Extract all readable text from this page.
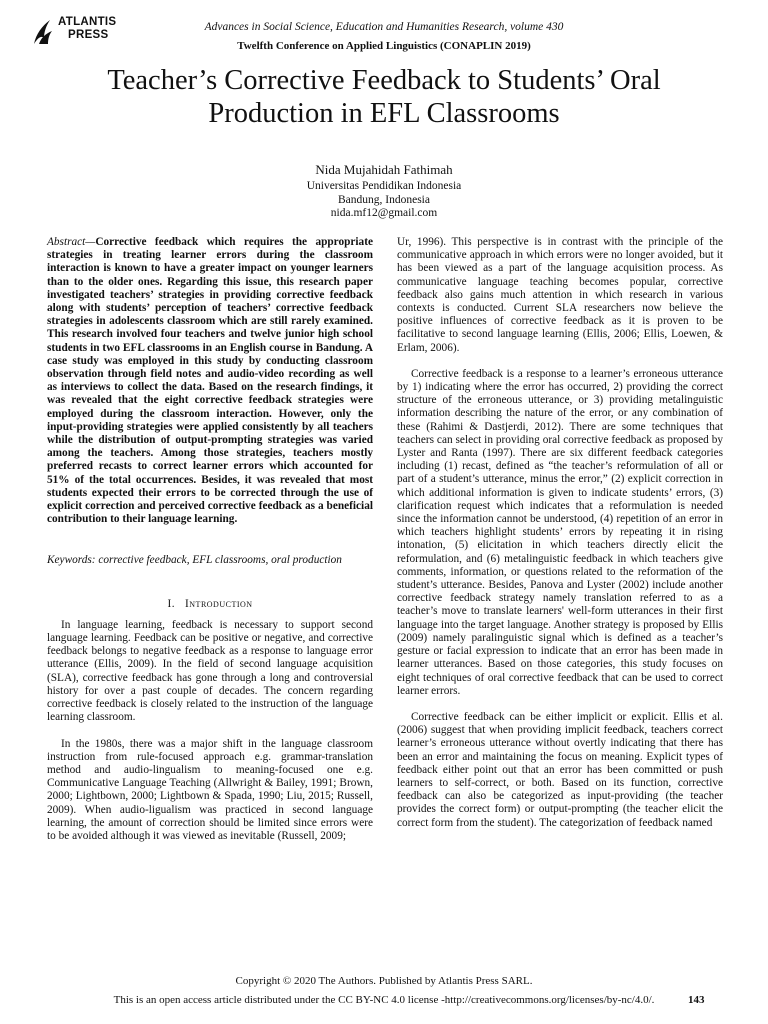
ATLANTIS
PRESS
Advances in Social Science, Education and Humanities Research, volume 430
Twelfth Conference on Applied Linguistics (CONAPLIN 2019)
Teacher’s Corrective Feedback to Students’ Oral
Production in EFL Classrooms
Nida Mujahidah Fathimah
Universitas Pendidikan Indonesia
Bandung, Indonesia
nida.mf12@gmail.com
Abstract—Corrective feedback which requires the appropriate strategies in treating learner errors during the classroom interaction is known to have a greater impact on younger learners than to the older ones. Regarding this issue, this research paper investigated teachers’ strategies in providing corrective feedback along with students’ perception of teachers’ corrective feedback strategies in adolescents classroom which are still rarely examined. This research involved four teachers and twelve junior high school students in two EFL classrooms in an English course in Bandung. A case study was employed in this study by conducting classroom observation through field notes and audio-video recording as well as interviews to collect the data. Based on the research findings, it was revealed that the eight corrective feedback strategies were employed during the classroom interaction. However, only the input-providing strategies were applied consistently by all teachers while the distribution of output-prompting strategies was varied among the teachers. Among those strategies, teachers mostly preferred recasts to correct learner errors which accounted for 51% of the total occurrences. Besides, it was revealed that most students expected their errors to be corrected through the use of explicit correction and perceived corrective feedback as a beneficial contribution to their language learning.
Keywords: corrective feedback, EFL classrooms, oral production
I. Introduction

In language learning, feedback is necessary to support second language learning. Feedback can be positive or negative, and corrective feedback belongs to negative feedback as a response to language error utterance (Ellis, 2009). In the field of second language acquisition (SLA), corrective feedback has gone through a long and controversial history for over a past couple of decades. The concern regarding corrective feedback is closely related to the instruction of the language learning classroom.

In the 1980s, there was a major shift in the language classroom instruction from rule-focused approach e.g. grammar-translation method and audio-lingualism to meaning-focused one e.g. Communicative Language Teaching (Allwright & Bailey, 1991; Brown, 2000; Lightbown, 2000; Lightbown & Spada, 1990; Liu, 2015; Russell, 2009). When audio-ligualism was practiced in second language learning, the amount of correction should be limited since errors were to be avoided although it was viewed as inevitable (Russell, 2009;

Ur, 1996). This perspective is in contrast with the principle of the communicative approach in which errors were no longer avoided, but it has been viewed as a part of the language acquisition process. As communicative language teaching becomes popular, corrective feedback also gains much attention in which research in various contexts is conducted. Current SLA researchers now believe the positive influences of corrective feedback as it is proven to be facilitative to second language learning (Ellis, 2006; Ellis, Loewen, & Erlam, 2006).

Corrective feedback is a response to a learner’s erroneous utterance by 1) indicating where the error has occurred, 2) providing the correct structure of the erroneous utterance, or 3) providing metalinguistic information describing the nature of the error, or any combination of these (Rahimi & Dastjerdi, 2012). There are some techniques that teachers can select in providing oral corrective feedback as proposed by Lyster and Ranta (1997). There are six different feedback categories including (1) recast, defined as “the teacher’s reformulation of all or part of a student’s utterance, minus the error,” (2) explicit correction in which additional information is given to indicate students’ errors, (3) clarification request which indicates that a reformulation is needed since the information cannot be understood, (4) repetition of an error in which teachers highlight students’ errors by repeating it in rising intonation, (5) elicitation in which teachers directly elicit the reformulation, and (6) metalinguistic feedback in which teachers give comments, information, or questions related to the reformation of the student’s utterance. Besides, Panova and Lyster (2002) include another corrective feedback strategy namely translation referred to as a teacher’s move to translate learners' well-form utterances in their first language into the target language. Another strategy is proposed by Ellis (2009) namely paralinguistic signal which is defined as a teacher’s gesture or facial expression to indicate that an error has been made in learner utterances. Based on those categories, this study focuses on eight techniques of oral corrective feedback that can be used to correct learner errors.

Corrective feedback can be either implicit or explicit. Ellis et al. (2006) suggest that when providing implicit feedback, teachers correct learner’s erroneous utterance without overtly indicating that there has been an error and maintaining the focus on meaning. Explicit types of feedback either point out that an error has been committed or push learners to self-correct, or both. Based on its function, corrective feedback can also be categorized as input-providing (the teacher provides the correct form) or output-prompting (the teacher elicit the correct form from the student). The categorization of feedback named

Copyright © 2020 The Authors. Published by Atlantis Press SARL.
This is an open access article distributed under the CC BY-NC 4.0 license -http://creativecommons.org/licenses/by-nc/4.0/.	143
